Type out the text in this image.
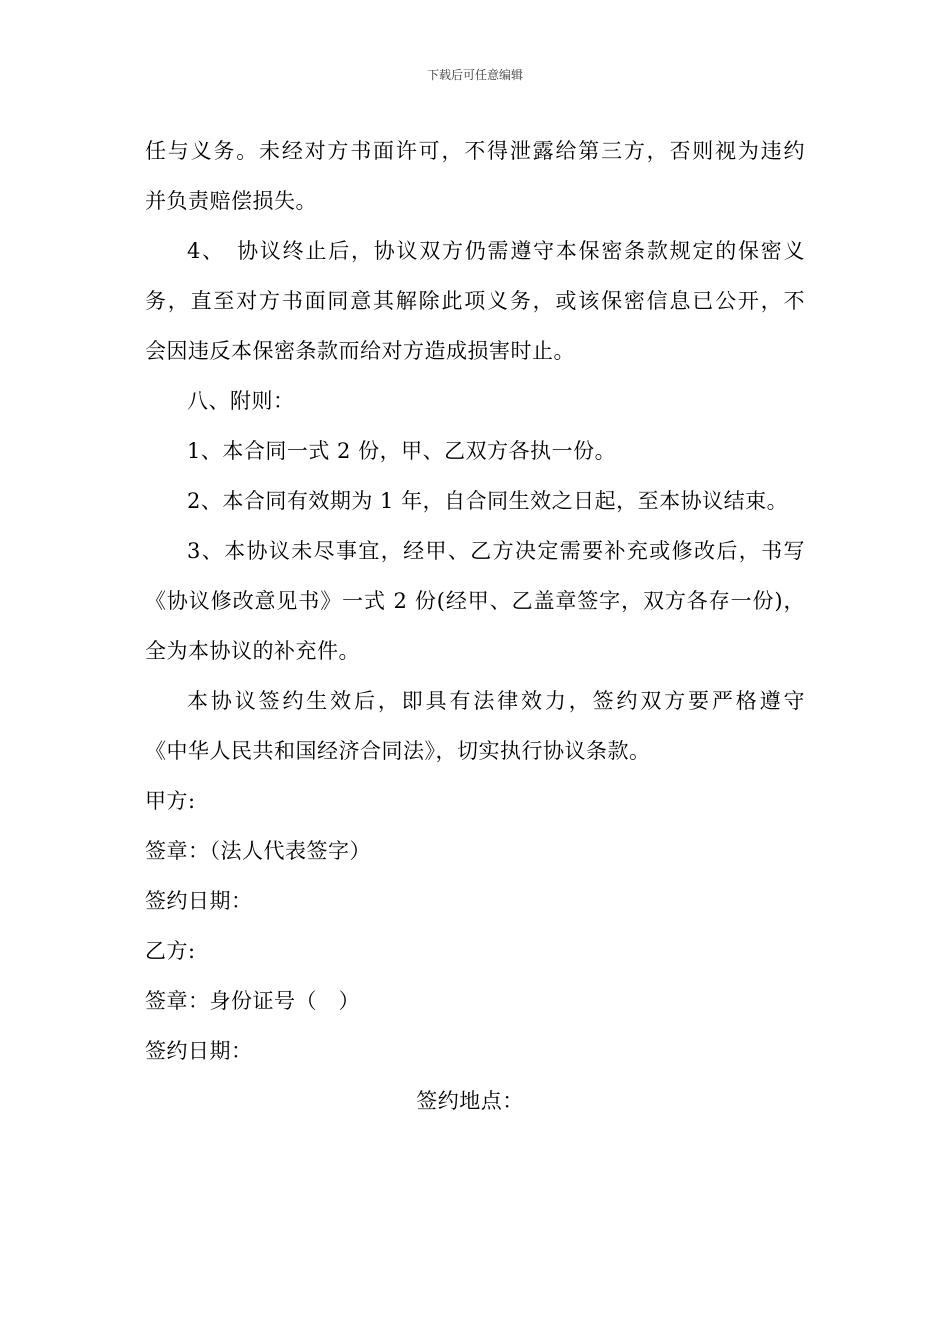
下载后可任意编辑
任与义务。未经对方书面许可，不得泄露给第三方，否则视为违约
并负责赔偿损失。
4、　协议终止后，协议双方仍需遵守本保密条款规定的保密义
务，直至对方书面同意其解除此项义务，或该保密信息已公开，不
会因违反本保密条款而给对方造成损害时止。
八、附则：
1、本合同一式 2 份，甲、乙双方各执一份。
2、本合同有效期为 1 年，自合同生效之日起，至本协议结束。
3、本协议未尽事宜，经甲、乙方决定需要补充或修改后，书写
《协议修改意见书》一式 2 份(经甲、乙盖章签字，双方各存一份)，
全为本协议的补充件。
本协议签约生效后，即具有法律效力，签约双方要严格遵守
《中华人民共和国经济合同法》，切实执行协议条款。
甲方:
签章：（法人代表签字）
签约日期：
乙方:
签章：身份证号（　）
签约日期：
签约地点：
